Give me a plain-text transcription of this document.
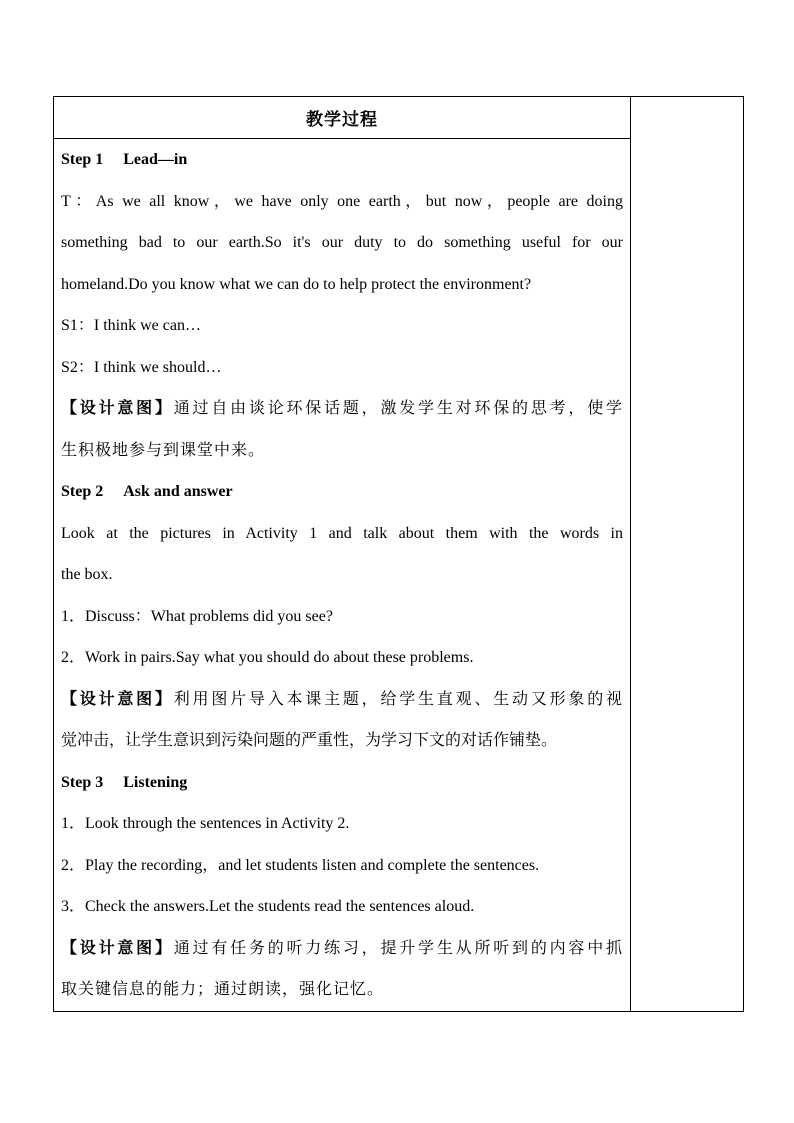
教学过程
Step 1 Lead—in
T：As we all know，we have only one earth，but now，people are doing
something bad to our earth.So it's our duty to do something useful for our
homeland.Do you know what we can do to help protect the environment?
S1：I think we can…
S2：I think we should…
【设计意图】通过自由谈论环保话题，激发学生对环保的思考，使学
生积极地参与到课堂中来。
Step 2 Ask and answer
Look at the pictures in Activity 1 and talk about them with the words in
the box.
1．Discuss：What problems did you see?
2．Work in pairs.Say what you should do about these problems.
【设计意图】利用图片导入本课主题，给学生直观、生动又形象的视
觉冲击，让学生意识到污染问题的严重性，为学习下文的对话作铺垫。
Step 3 Listening
1．Look through the sentences in Activity 2.
2．Play the recording，and let students listen and complete the sentences.
3．Check the answers.Let the students read the sentences aloud.
【设计意图】通过有任务的听力练习，提升学生从所听到的内容中抓
取关键信息的能力；通过朗读，强化记忆。
